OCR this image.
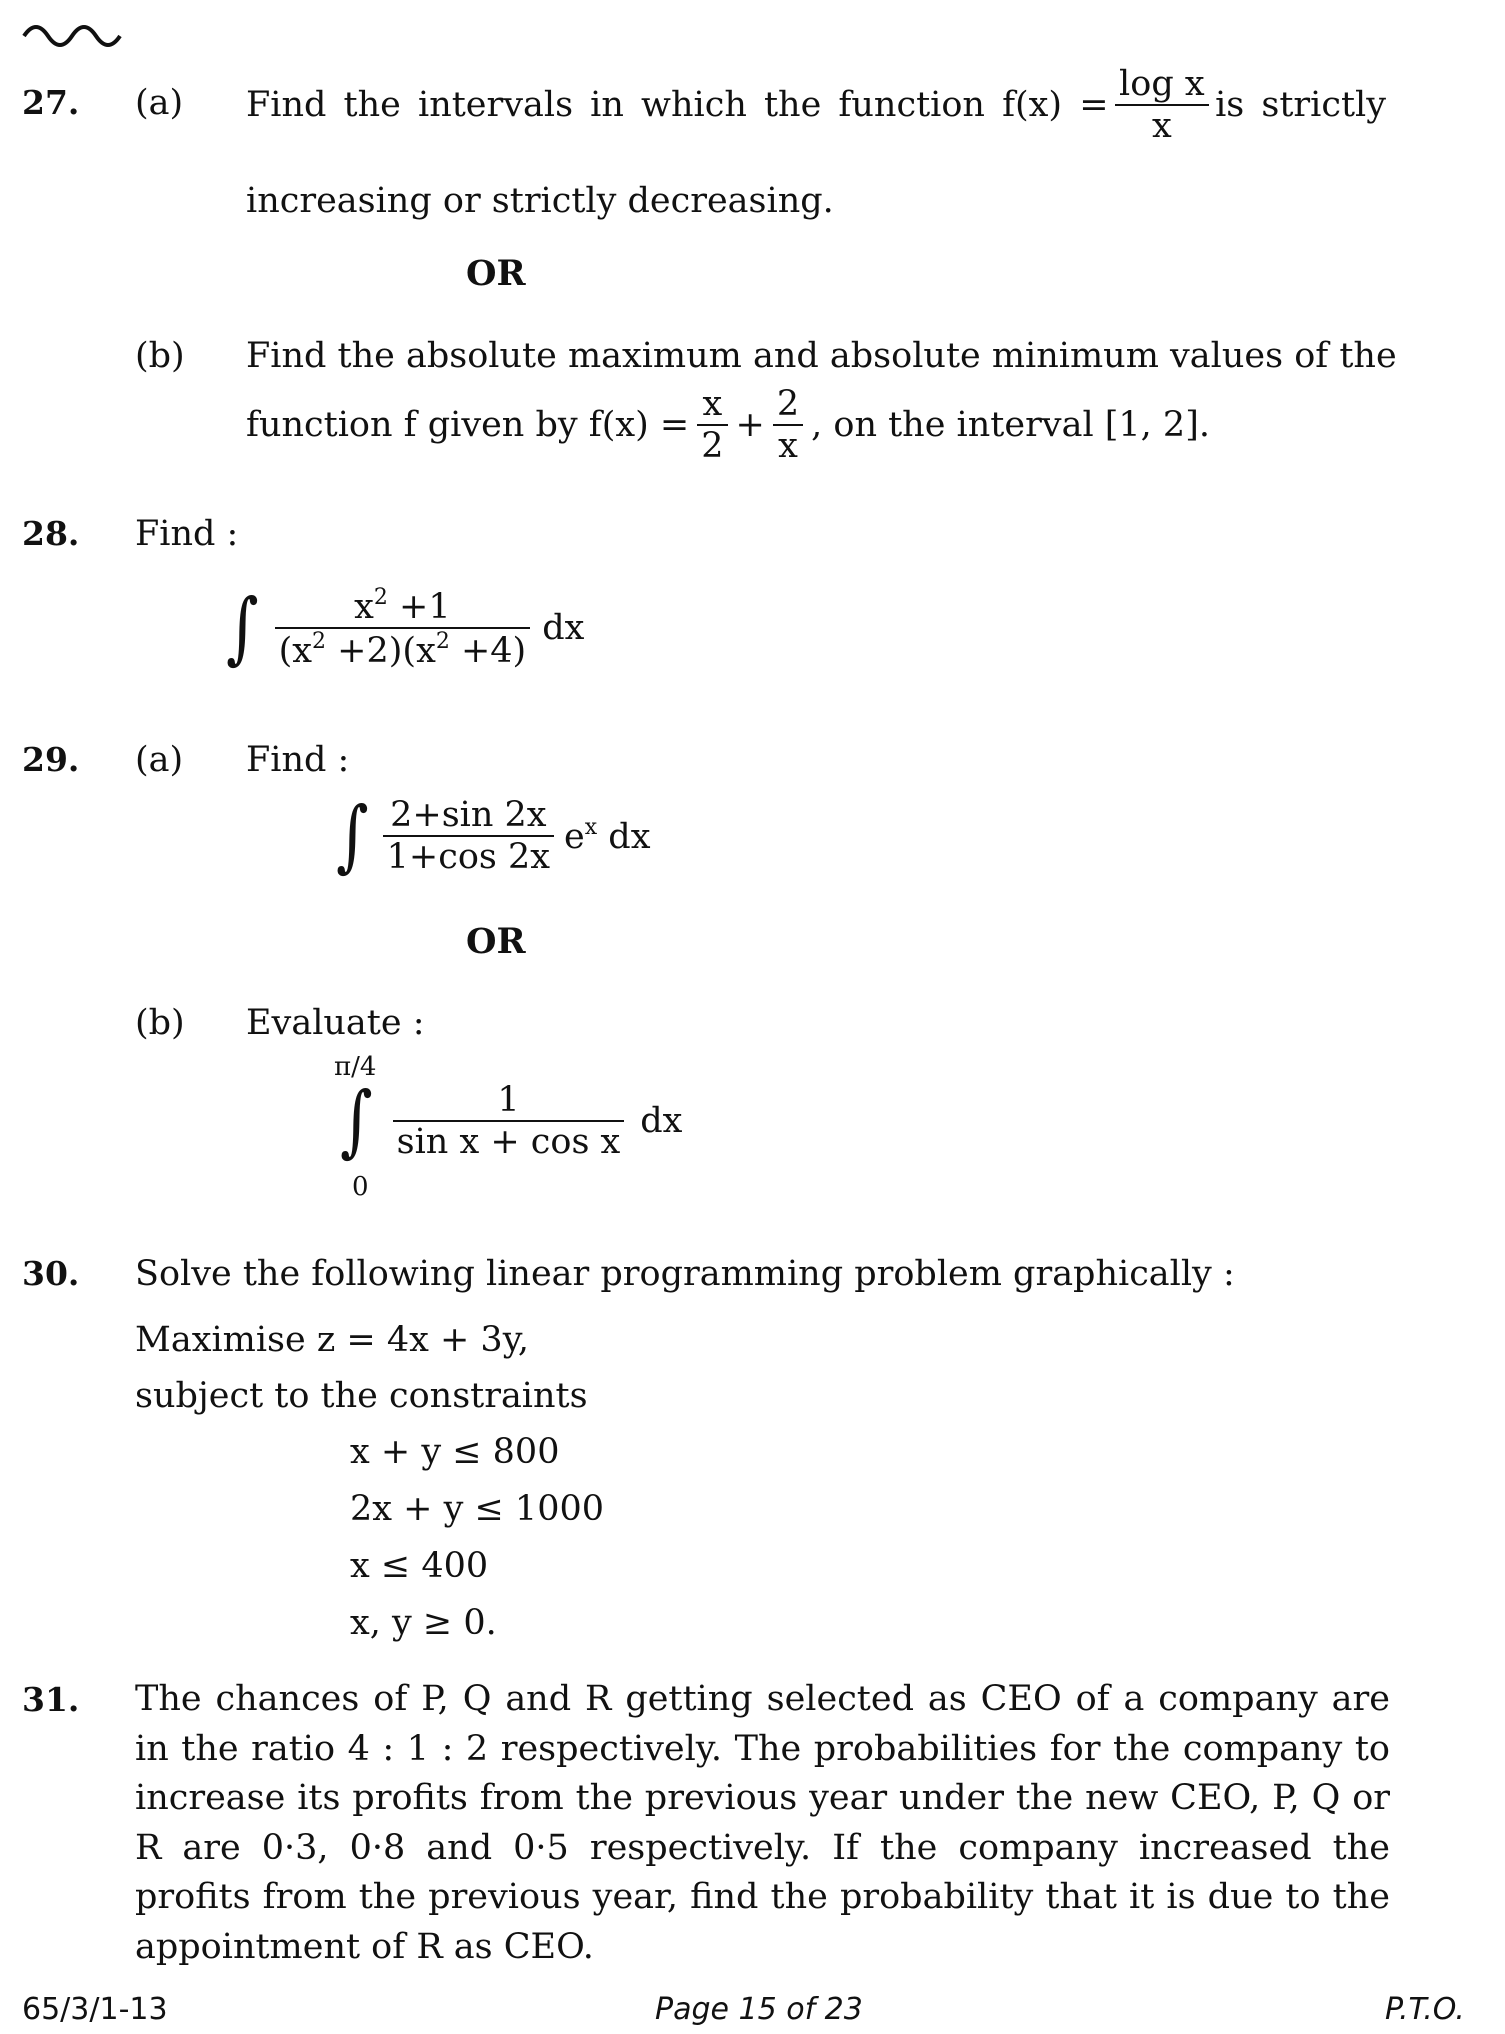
27. (a) Find the intervals in which the function $f(x) = \frac{\text{log x}}{x}$ is strictly
increasing or strictly decreasing.
OR
(b) Find the absolute maximum and absolute minimum values of the
function f given by $f(x) = \frac{x}{2} + \frac{2}{x}$ , on the interval [1, 2].
28. Find :
∫ $\frac{x^2 +1}{(x^2 +2)(x^2 +4)}$ dx
29. (a) Find :
∫ $\frac{2+\sin 2x}{1+\cos 2x} e^x$ dx
OR
(b) Evaluate :
π/4
0
∫ $\frac{1}{\text{sin x + cos x}}$ dx
30. Solve the following linear programming problem graphically :
Maximise z = 4x + 3y,
subject to the constraints
x + y ≤ 800
2x + y ≤ 1000
x ≤ 400
x, y ≥ 0.
31. The chances of P, Q and R getting selected as CEO of a company are in the ratio 4 : 1 : 2 respectively. The probabilities for the company to increase its profits from the previous year under the new CEO, P, Q or R are 0·3, 0·8 and 0·5 respectively. If the company increased the profits from the previous year, find the probability that it is due to the appointment of R as CEO.
65/3/1-13	Page 15 of 23	P.T.O.
